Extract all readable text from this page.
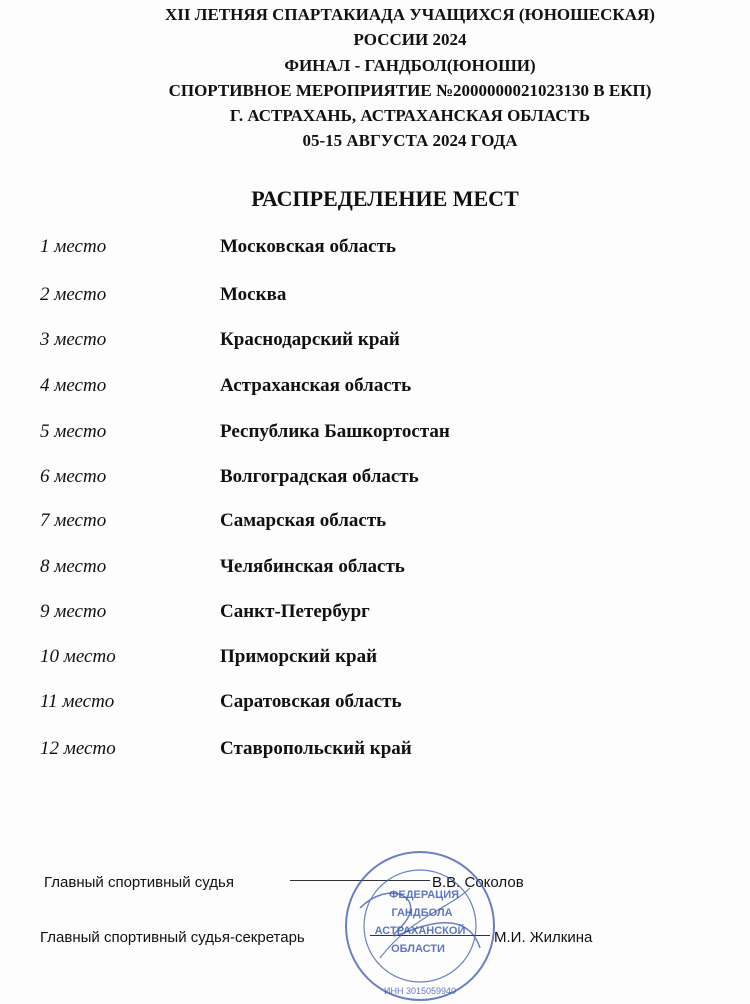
XII ЛЕТНЯЯ СПАРТАКИАДА УЧАЩИХСЯ (ЮНОШЕСКАЯ)
РОССИИ 2024
ФИНАЛ - ГАНДБОЛ(ЮНОШИ)
СПОРТИВНОЕ МЕРОПРИЯТИЕ №2000000021023130 В ЕКП)
Г. АСТРАХАНЬ, АСТРАХАНСКАЯ ОБЛАСТЬ
05-15 АВГУСТА 2024 ГОДА
РАСПРЕДЕЛЕНИЕ МЕСТ
1 место	Московская область
2 место	Москва
3 место	Краснодарский край
4 место	Астраханская область
5 место	Республика Башкортостан
6 место	Волгоградская область
7 место	Самарская область
8 место	Челябинская область
9 место	Санкт-Петербург
10 место	Приморский край
11 место	Саратовская область
12 место	Ставропольский край
Главный спортивный судья	В.В. Соколов
Главный спортивный судья-секретарь	М.И. Жилкина
ФЕДЕРАЦИЯ
ГАНДБОЛА
АСТРАХАНСКОЙ
ОБЛАСТИ
ИНН 3015059940
